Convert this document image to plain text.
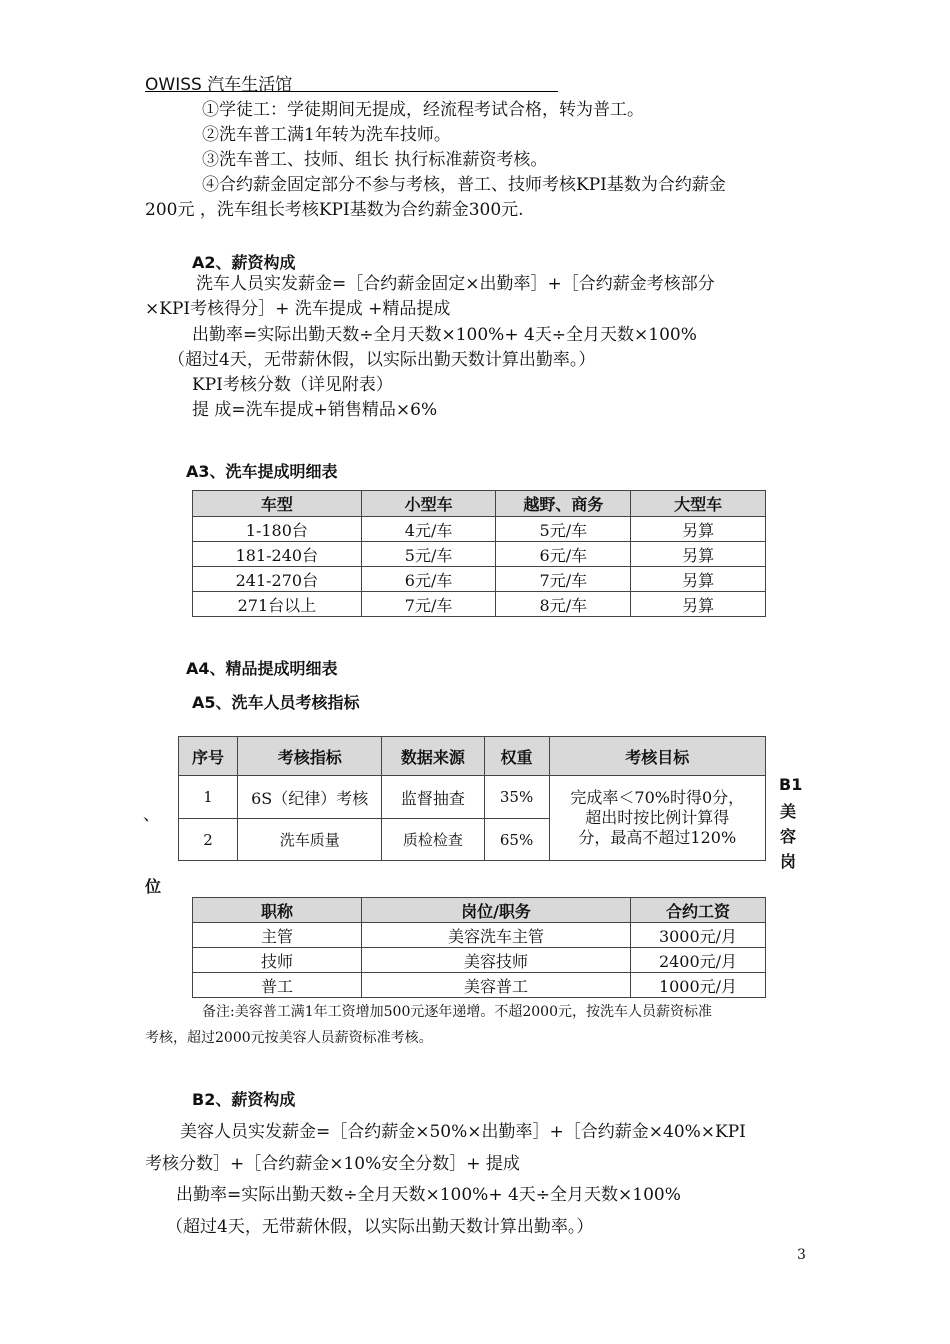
OWISS 汽车生活馆
①学徒工：学徒期间无提成，经流程考试合格，转为普工。
②洗车普工满1年转为洗车技师。
③洗车普工、技师、组长 执行标准薪资考核。
④合约薪金固定部分不参与考核，普工、技师考核KPI基数为合约薪金
200元 ，洗车组长考核KPI基数为合约薪金300元.
A2、薪资构成
洗车人员实发薪金=［合约薪金固定×出勤率］+［合约薪金考核部分
×KPI考核得分］+ 洗车提成 +精品提成
出勤率=实际出勤天数÷全月天数×100%+ 4天÷全月天数×100%
（超过4天，无带薪休假，以实际出勤天数计算出勤率。）
KPI考核分数（详见附表）
提 成=洗车提成+销售精品×6%
A3、洗车提成明细表
车型	小型车	越野、商务	大型车
1-180台	4元/车	5元/车	另算
181-240台	5元/车	6元/车	另算
241-270台	6元/车	7元/车	另算
271台以上	7元/车	8元/车	另算
A4、精品提成明细表
A5、洗车人员考核指标
序号	考核指标	数据来源	权重	考核目标
1	6S（纪律）考核	监督抽查	35%	完成率＜70%时得0分，
超出时按比例计算得
分，最高不超过120%

2	洗车质量	质检检查	65%	
、
B1
美
容
岗
位
职称	岗位/职务	合约工资
主管	美容洗车主管	3000元/月
技师	美容技师	2400元/月
普工	美容普工	1000元/月
备注:美容普工满1年工资增加500元逐年递增。不超2000元，按洗车人员薪资标准
考核，超过2000元按美容人员薪资标准考核。
B2、薪资构成
美容人员实发薪金=［合约薪金×50%×出勤率］+［合约薪金×40%×KPI
考核分数］+［合约薪金×10%安全分数］+ 提成
出勤率=实际出勤天数÷全月天数×100%+ 4天÷全月天数×100%
（超过4天，无带薪休假，以实际出勤天数计算出勤率。）
3
